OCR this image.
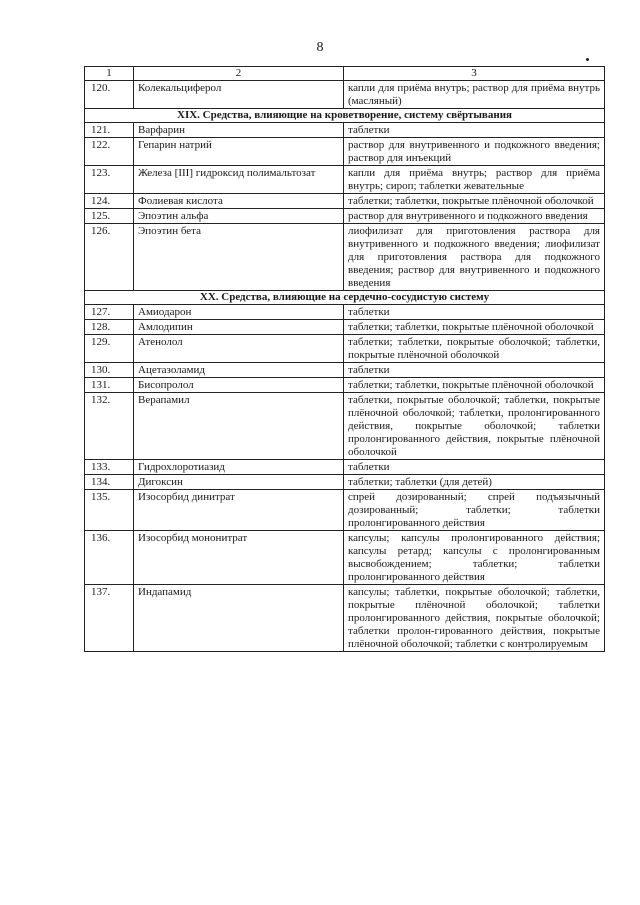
8
1	2	3
120.	Колекальциферол	капли для приёма внутрь; раствор для приёма внутрь (масляный)
XIX. Средства, влияющие на кроветворение, систему свёртывания		
121.	Варфарин	таблетки
122.	Гепарин натрий	раствор для внутривенного и подкожного введения; раствор для инъекций
123.	Железа [III] гидроксид полимальтозат	капли для приёма внутрь; раствор для приёма внутрь; сироп; таблетки жевательные
124.	Фолиевая кислота	таблетки; таблетки, покрытые плёночной оболочкой
125.	Эпоэтин альфа	раствор для внутривенного и подкожного введения
126.	Эпоэтин бета	лиофилизат для приготовления раствора для внутривенного и подкожного введения; лиофилизат для приготовления раствора для подкожного введения; раствор для внутривенного и подкожного введения
XX. Средства, влияющие на сердечно-сосудистую систему		
127.	Амиодарон	таблетки
128.	Амлодипин	таблетки; таблетки, покрытые плёночной оболочкой
129.	Атенолол	таблетки; таблетки, покрытые оболочкой; таблетки, покрытые плёночной оболочкой
130.	Ацетазоламид	таблетки
131.	Бисопролол	таблетки; таблетки, покрытые плёночной оболочкой
132.	Верапамил	таблетки, покрытые оболочкой; таблетки, покрытые плёночной оболочкой; таблетки, пролонгированного действия, покрытые оболочкой; таблетки пролонгированного действия, покрытые плёночной оболочкой
133.	Гидрохлоротиазид	таблетки
134.	Дигоксин	таблетки; таблетки (для детей)
135.	Изосорбид динитрат	спрей дозированный; спрей подъязычный дозированный; таблетки; таблетки пролонгированного действия
136.	Изосорбид мононитрат	капсулы; капсулы пролонгированного действия; капсулы ретард; капсулы с пролонгированным высвобождением; таблетки; таблетки пролонгированного действия
137.	Индапамид	капсулы; таблетки, покрытые оболочкой; таблетки, покрытые плёночной оболочкой; таблетки пролонгированного действия, покрытые оболочкой; таблетки пролон-гированного действия, покрытые плёночной оболочкой; таблетки с контролируемым
